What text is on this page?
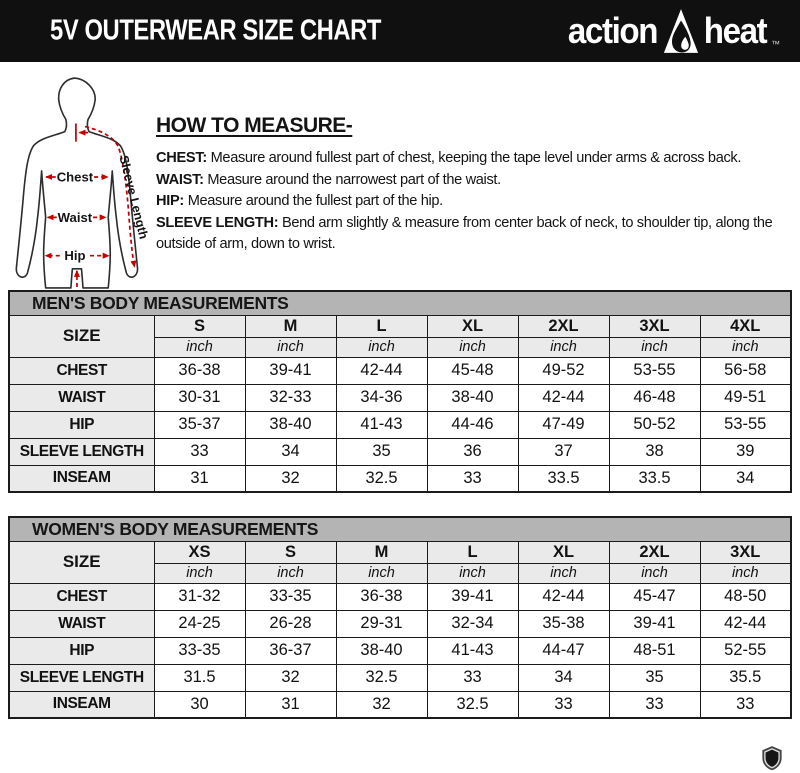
5V OUTERWEAR SIZE CHART	action heat ™
Sleeve Length
Chest
Waist
Hip
HOW TO MEASURE-
CHEST: Measure around fullest part of chest, keeping the tape level under arms & across back.
WAIST: Measure around the narrowest part of the waist.
HIP: Measure around the fullest part of the hip.
SLEEVE LENGTH: Bend arm slightly & measure from center back of neck, to shoulder tip, along the outside of arm, down to wrist.
MEN'S BODY MEASUREMENTS							
SIZE	S	M	L	XL	2XL	3XL	4XL
	inch	inch	inch	inch	inch	inch	inch
CHEST	36-38	39-41	42-44	45-48	49-52	53-55	56-58
WAIST	30-31	32-33	34-36	38-40	42-44	46-48	49-51
HIP	35-37	38-40	41-43	44-46	47-49	50-52	53-55
SLEEVE LENGTH	33	34	35	36	37	38	39
INSEAM	31	32	32.5	33	33.5	33.5	34
WOMEN'S BODY MEASUREMENTS							
SIZE	XS	S	M	L	XL	2XL	3XL
	inch	inch	inch	inch	inch	inch	inch
CHEST	31-32	33-35	36-38	39-41	42-44	45-47	48-50
WAIST	24-25	26-28	29-31	32-34	35-38	39-41	42-44
HIP	33-35	36-37	38-40	41-43	44-47	48-51	52-55
SLEEVE LENGTH	31.5	32	32.5	33	34	35	35.5
INSEAM	30	31	32	32.5	33	33	33
